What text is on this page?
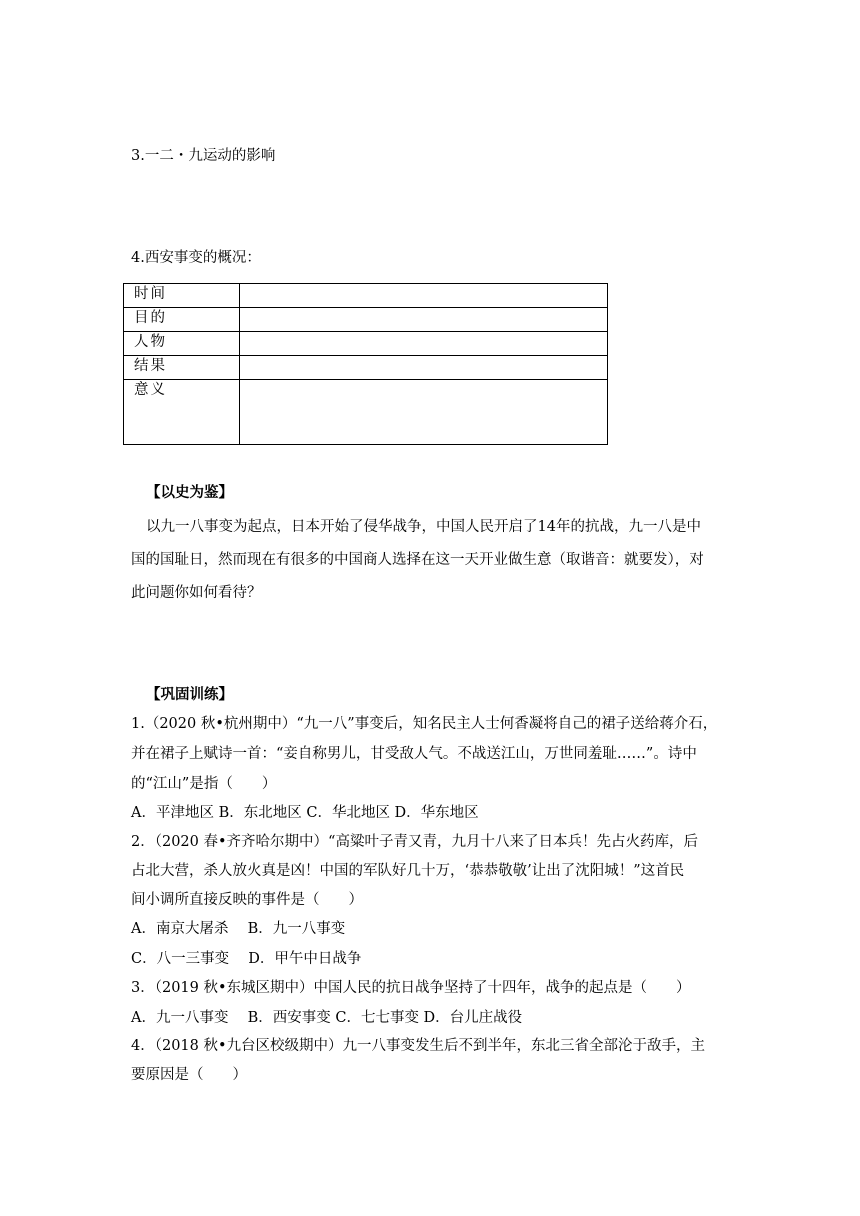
3.一二・九运动的影响
4.西安事变的概况：
时间	
目的	
人物	
结果	
意义	
【以史为鉴】
以九一八事变为起点，日本开始了侵华战争，中国人民开启了14年的抗战，九一八是中
国的国耻日，然而现在有很多的中国商人选择在这一天开业做生意（取谐音：就要发），对
此问题你如何看待？
【巩固训练】
1.（2020 秋•杭州期中）“九一八”事变后，知名民主人士何香凝将自己的裙子送给蒋介石，
并在裙子上赋诗一首：“妾自称男儿，甘受敌人气。不战送江山，万世同羞耻……”。诗中
的“江山”是指（　　）
A．平津地区 B．东北地区 C．华北地区 D．华东地区
2．（2020 春•齐齐哈尔期中）“高粱叶子青又青，九月十八来了日本兵！先占火药库，后
占北大营，杀人放火真是凶！中国的军队好几十万，‘恭恭敬敬’让出了沈阳城！”这首民
间小调所直接反映的事件是（　　）
A．南京大屠杀　 B．九一八事变
C．八一三事变　 D．甲午中日战争
3．（2019 秋•东城区期中）中国人民的抗日战争坚持了十四年，战争的起点是（　　）
A．九一八事变　 B．西安事变 C．七七事变 D．台儿庄战役
4．（2018 秋•九台区校级期中）九一八事变发生后不到半年，东北三省全部沦于敌手，主
要原因是（　　）
